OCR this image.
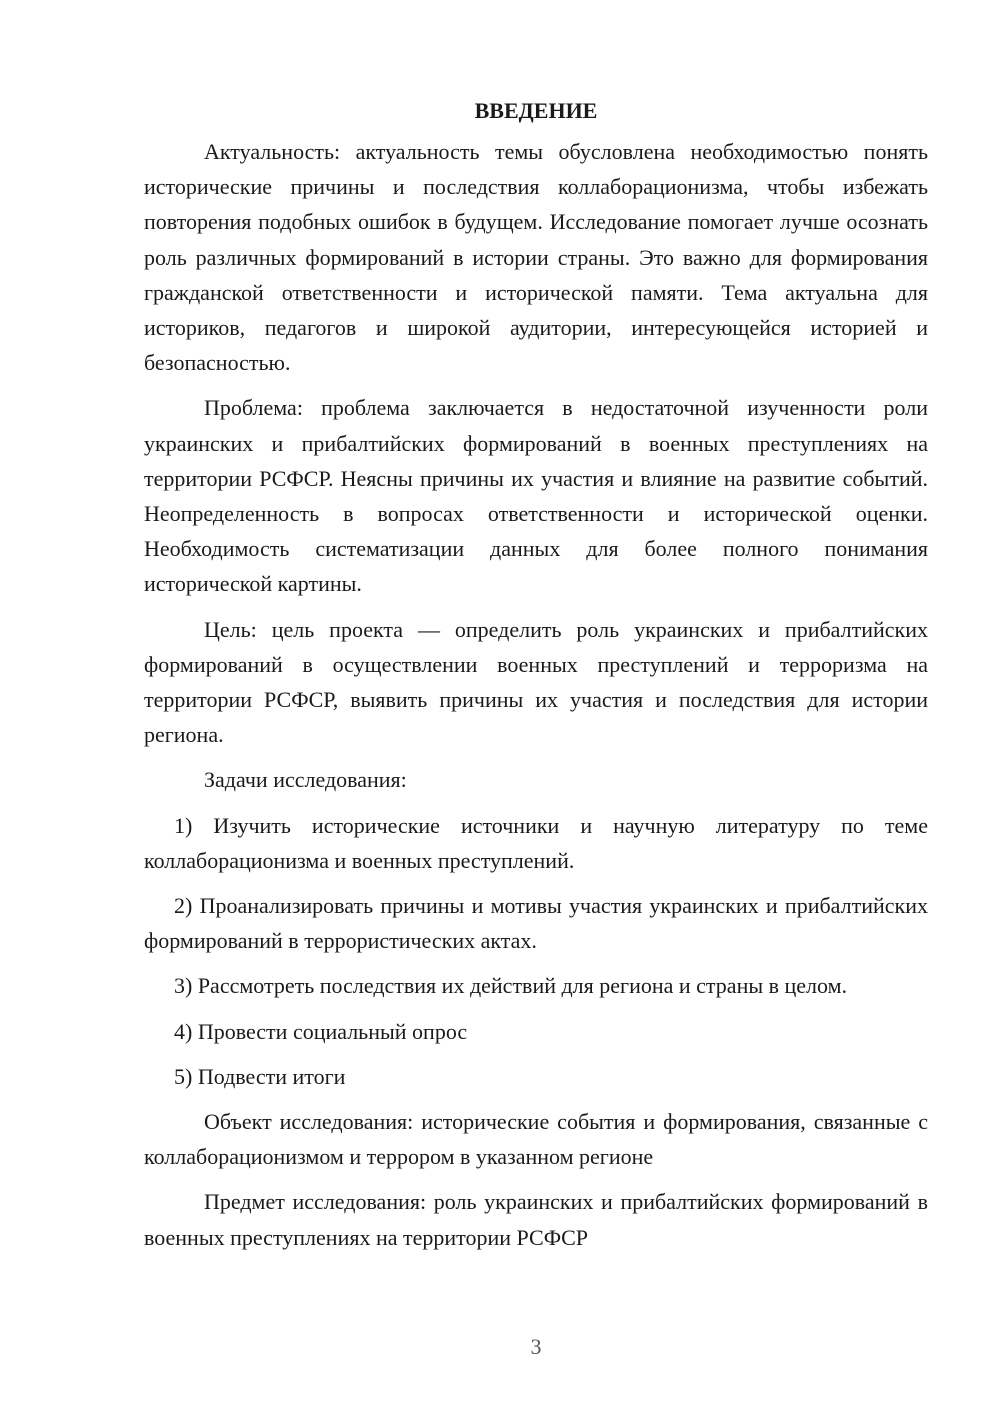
ВВЕДЕНИЕ

Актуальность: актуальность темы обусловлена необходимостью понять исторические причины и последствия коллаборационизма, чтобы избежать повторения подобных ошибок в будущем. Исследование помогает лучше осознать роль различных формирований в истории страны. Это важно для формирования гражданской ответственности и исторической памяти. Тема актуальна для историков, педагогов и широкой аудитории, интересующейся историей и безопасностью.

Проблема: проблема заключается в недостаточной изученности роли украинских и прибалтийских формирований в военных преступлениях на территории РСФСР. Неясны причины их участия и влияние на развитие событий. Неопределенность в вопросах ответственности и исторической оценки. Необходимость систематизации данных для более полного понимания исторической картины.

Цель: цель проекта — определить роль украинских и прибалтийских формирований в осуществлении военных преступлений и терроризма на территории РСФСР, выявить причины их участия и последствия для истории региона.

Задачи исследования:

1) Изучить исторические источники и научную литературу по теме коллаборационизма и военных преступлений.

2) Проанализировать причины и мотивы участия украинских и прибалтийских формирований в террористических актах.

3) Рассмотреть последствия их действий для региона и страны в целом.

4) Провести социальный опрос

5) Подвести итоги

Объект исследования: исторические события и формирования, связанные с коллаборационизмом и террором в указанном регионе

Предмет исследования: роль украинских и прибалтийских формирований в военных преступлениях на территории РСФСР

3
